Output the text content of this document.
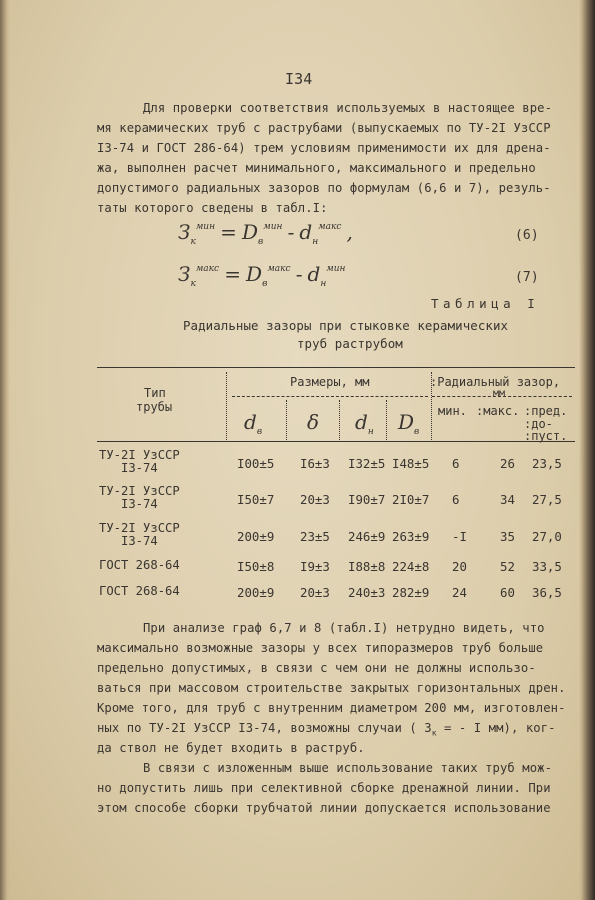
I34
Для проверки соответствия используемых в настоящее вре-
мя керамических труб с раструбами (выпускаемых по ТУ-2I УзССР
I3-74 и ГОСТ 286-64) трем условиям применимости их для дрена-
жа, выполнен расчет минимального, максимального и предельно
допустимого радиальных зазоров по формулам (6,6 и 7), резуль-
таты которого сведены в табл.I:
$З_к^{мин} = D_в^{мин} - d_н^{макс}$ ,	(6)
$З_к^{макс} = D_в^{макс} - d_н^{мин}$
(7)
Таблица I
Радиальные зазоры при стыковке керамических
труб раструбом
Тип
трубы
Размеры, мм	:Радиальный зазор,
мм
$d_в$ δ $d_н$ $D_в$
мин. :макс. :пред.
:до-
:пуст.
ТУ-2I УзССР
I3-74	I00±5 I6±3 I32±5 I48±5 6	26 23,5
ТУ-2I УзССР
I3-74	I50±7 20±3 I90±7 2I0±7 6	34 27,5
ТУ-2I УзССР
I3-74	200±9 23±5 246±9 263±9 -I	35 27,0
ГОСТ 268-64	I50±8 I9±3 I88±8 224±8 20	52 33,5
ГОСТ 268-64	200±9 20±3 240±3 282±9 24	60 36,5
При анализе граф 6,7 и 8 (табл.I) нетрудно видеть, что
максимально возможные зазоры у всех типоразмеров труб больше
предельно допустимых, в связи с чем они не должны использо-
ваться при массовом строительстве закрытых горизонтальных дрен.
Кроме того, для труб с внутренним диаметром 200 мм, изготовлен-
ных по ТУ-2I УзССР I3-74, возможны случаи ( $З_к$ = - I мм), ког-
да ствол не будет входить в раструб.
В связи с изложенным выше использование таких труб мож-
но допустить лишь при селективной сборке дренажной линии. При
этом способе сборки трубчатой линии допускается использование
